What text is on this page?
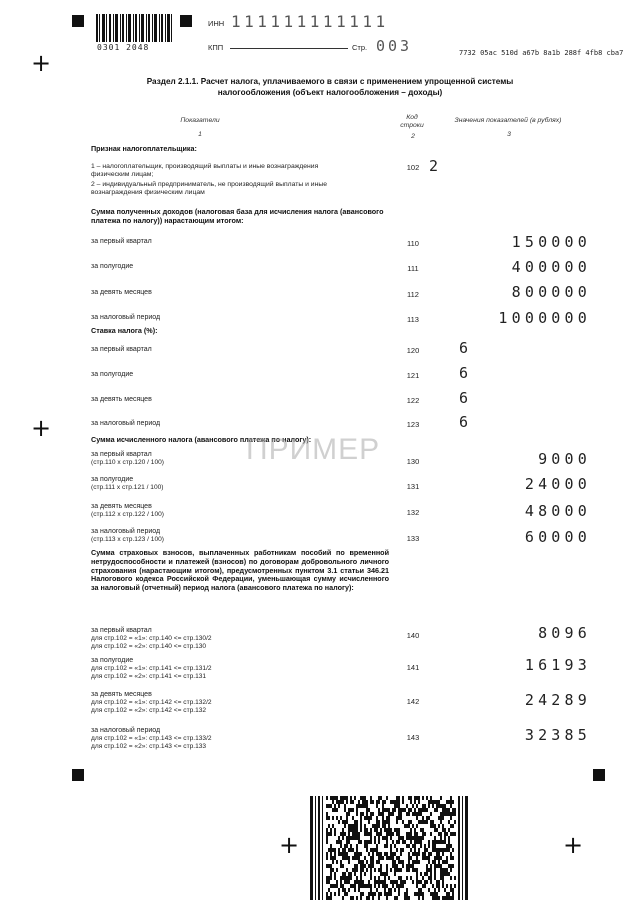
+
+
+	+
0301 2048
ИНН 111111111111
КПП	Стр. 003	7732 05ac 510d a67b 8a1b 288f 4fb8 cba7
Раздел 2.1.1. Расчет налога, уплачиваемого в связи с применением упрощенной системы
налогообложения (объект налогообложения – доходы)
Показатели	Код строки
Значения показателей (в рублях)
1	2	3
Признак налогоплательщика:
1 – налогоплательщик, производящий выплаты и иные вознаграждения физическим лицам;
2 – индивидуальный предприниматель, не производящий выплаты и иные вознаграждения физическим лицам
102 2
Сумма полученных доходов (налоговая база для исчисления налога (авансового платежа по налогу)) нарастающим итогом:
за первый квартал	110	150000
за полугодие	111	400000
за девять месяцев	112	800000
за налоговый период	113	1000000
Ставка налога (%):
за первый квартал	120	6
за полугодие	121	6
за девять месяцев	122	6
за налоговый период	123	6
Сумма исчисленного налога (авансового платежа по налогу):
за первый квартал
(стр.110 х стр.120 / 100)	130	9000
за полугодие
(стр.111 х стр.121 / 100)	131	24000
за девять месяцев
(стр.112 х стр.122 / 100)	132	48000
за налоговый период
(стр.113 х стр.123 / 100)	133	60000
Сумма страховых взносов, выплаченных работникам пособий по временной нетрудоспособности и платежей (взносов) по договорам добровольного личного страхования (нарастающим итогом), предусмотренных пунктом 3.1 статьи 346.21 Налогового кодекса Российской Федерации, уменьшающая сумму исчисленного за налоговый (отчетный) период налога (авансового платежа по налогу):
за первый квартал
для стр.102 = «1»: стр.140 <= стр.130/2
для стр.102 = «2»: стр.140 <= стр.130
140	8096
за полугодие
для стр.102 = «1»: стр.141 <= стр.131/2
для стр.102 = «2»: стр.141 <= стр.131
141	16193
за девять месяцев
для стр.102 = «1»: стр.142 <= стр.132/2
для стр.102 = «2»: стр.142 <= стр.132
142	24289
за налоговый период
для стр.102 = «1»: стр.143 <= стр.133/2
для стр.102 = «2»: стр.143 <= стр.133
143	32385
ПРИМЕР
